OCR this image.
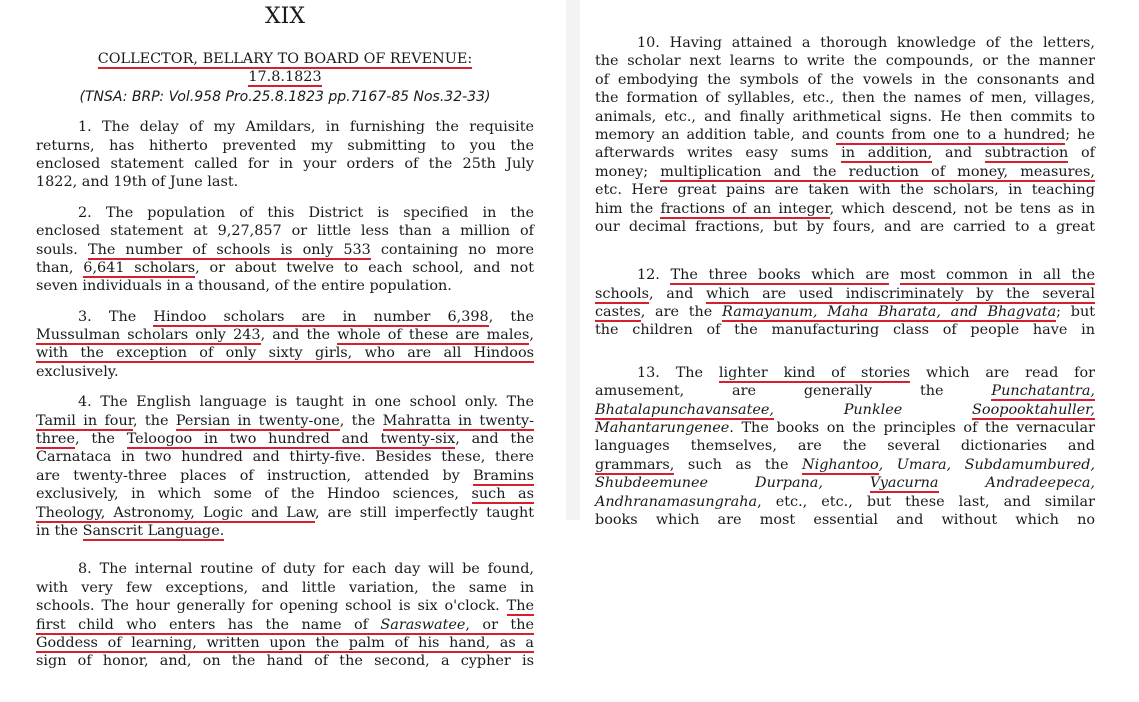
XIX
COLLECTOR, BELLARY TO BOARD OF REVENUE:
17.8.1823
(TNSA: BRP: Vol.958 Pro.25.8.1823 pp.7167-85 Nos.32-33)
1. The delay of my Amildars, in furnishing the requisite
returns, has hitherto prevented my submitting to you the
enclosed statement called for in your orders of the 25th July
1822, and 19th of June last.
2. The population of this District is specified in the
enclosed statement at 9,27,857 or little less than a million of
souls. The number of schools is only 533 containing no more
than, 6,641 scholars, or about twelve to each school, and not
seven individuals in a thousand, of the entire population.
3. The Hindoo scholars are in number 6,398, the
Mussulman scholars only 243, and the whole of these are males,
with the exception of only sixty girls, who are all Hindoos
exclusively.
4. The English language is taught in one school only. The
Tamil in four, the Persian in twenty-one, the Mahratta in twenty-
three, the Teloogoo in two hundred and twenty-six, and the
Carnataca in two hundred and thirty-five. Besides these, there
are twenty-three places of instruction, attended by Bramins
exclusively, in which some of the Hindoo sciences, such as
Theology, Astronomy, Logic and Law, are still imperfectly taught
in the Sanscrit Language.
8. The internal routine of duty for each day will be found,
with very few exceptions, and little variation, the same in
schools. The hour generally for opening school is six o'clock. The
first child who enters has the name of Saraswatee, or the
Goddess of learning, written upon the palm of his hand, as a
sign of honor, and, on the hand of the second, a cypher is
10. Having attained a thorough knowledge of the letters,
the scholar next learns to write the compounds, or the manner
of embodying the symbols of the vowels in the consonants and
the formation of syllables, etc., then the names of men, villages,
animals, etc., and finally arithmetical signs. He then commits to
memory an addition table, and counts from one to a hundred; he
afterwards writes easy sums in addition, and subtraction of
money; multiplication and the reduction of money, measures,
etc. Here great pains are taken with the scholars, in teaching
him the fractions of an integer, which descend, not be tens as in
our decimal fractions, but by fours, and are carried to a great
12. The three books which are most common in all the
schools, and which are used indiscriminately by the several
castes, are the Ramayanum, Maha Bharata, and Bhagvata; but
the children of the manufacturing class of people have in
13. The lighter kind of stories which are read for
amusement, are generally the Punchatantra,
Bhatalapunchavansatee,	Punklee	Soopooktahuller,
Mahantarungenee. The books on the principles of the vernacular
languages themselves, are the several dictionaries and
grammars, such as the Nighantoo, Umara, Subdamumbured,
Shubdeemunee Durpana, Vyacurna Andradeepeca,
Andhranamasungraha, etc., etc., but these last, and similar
books which are most essential and without which no
